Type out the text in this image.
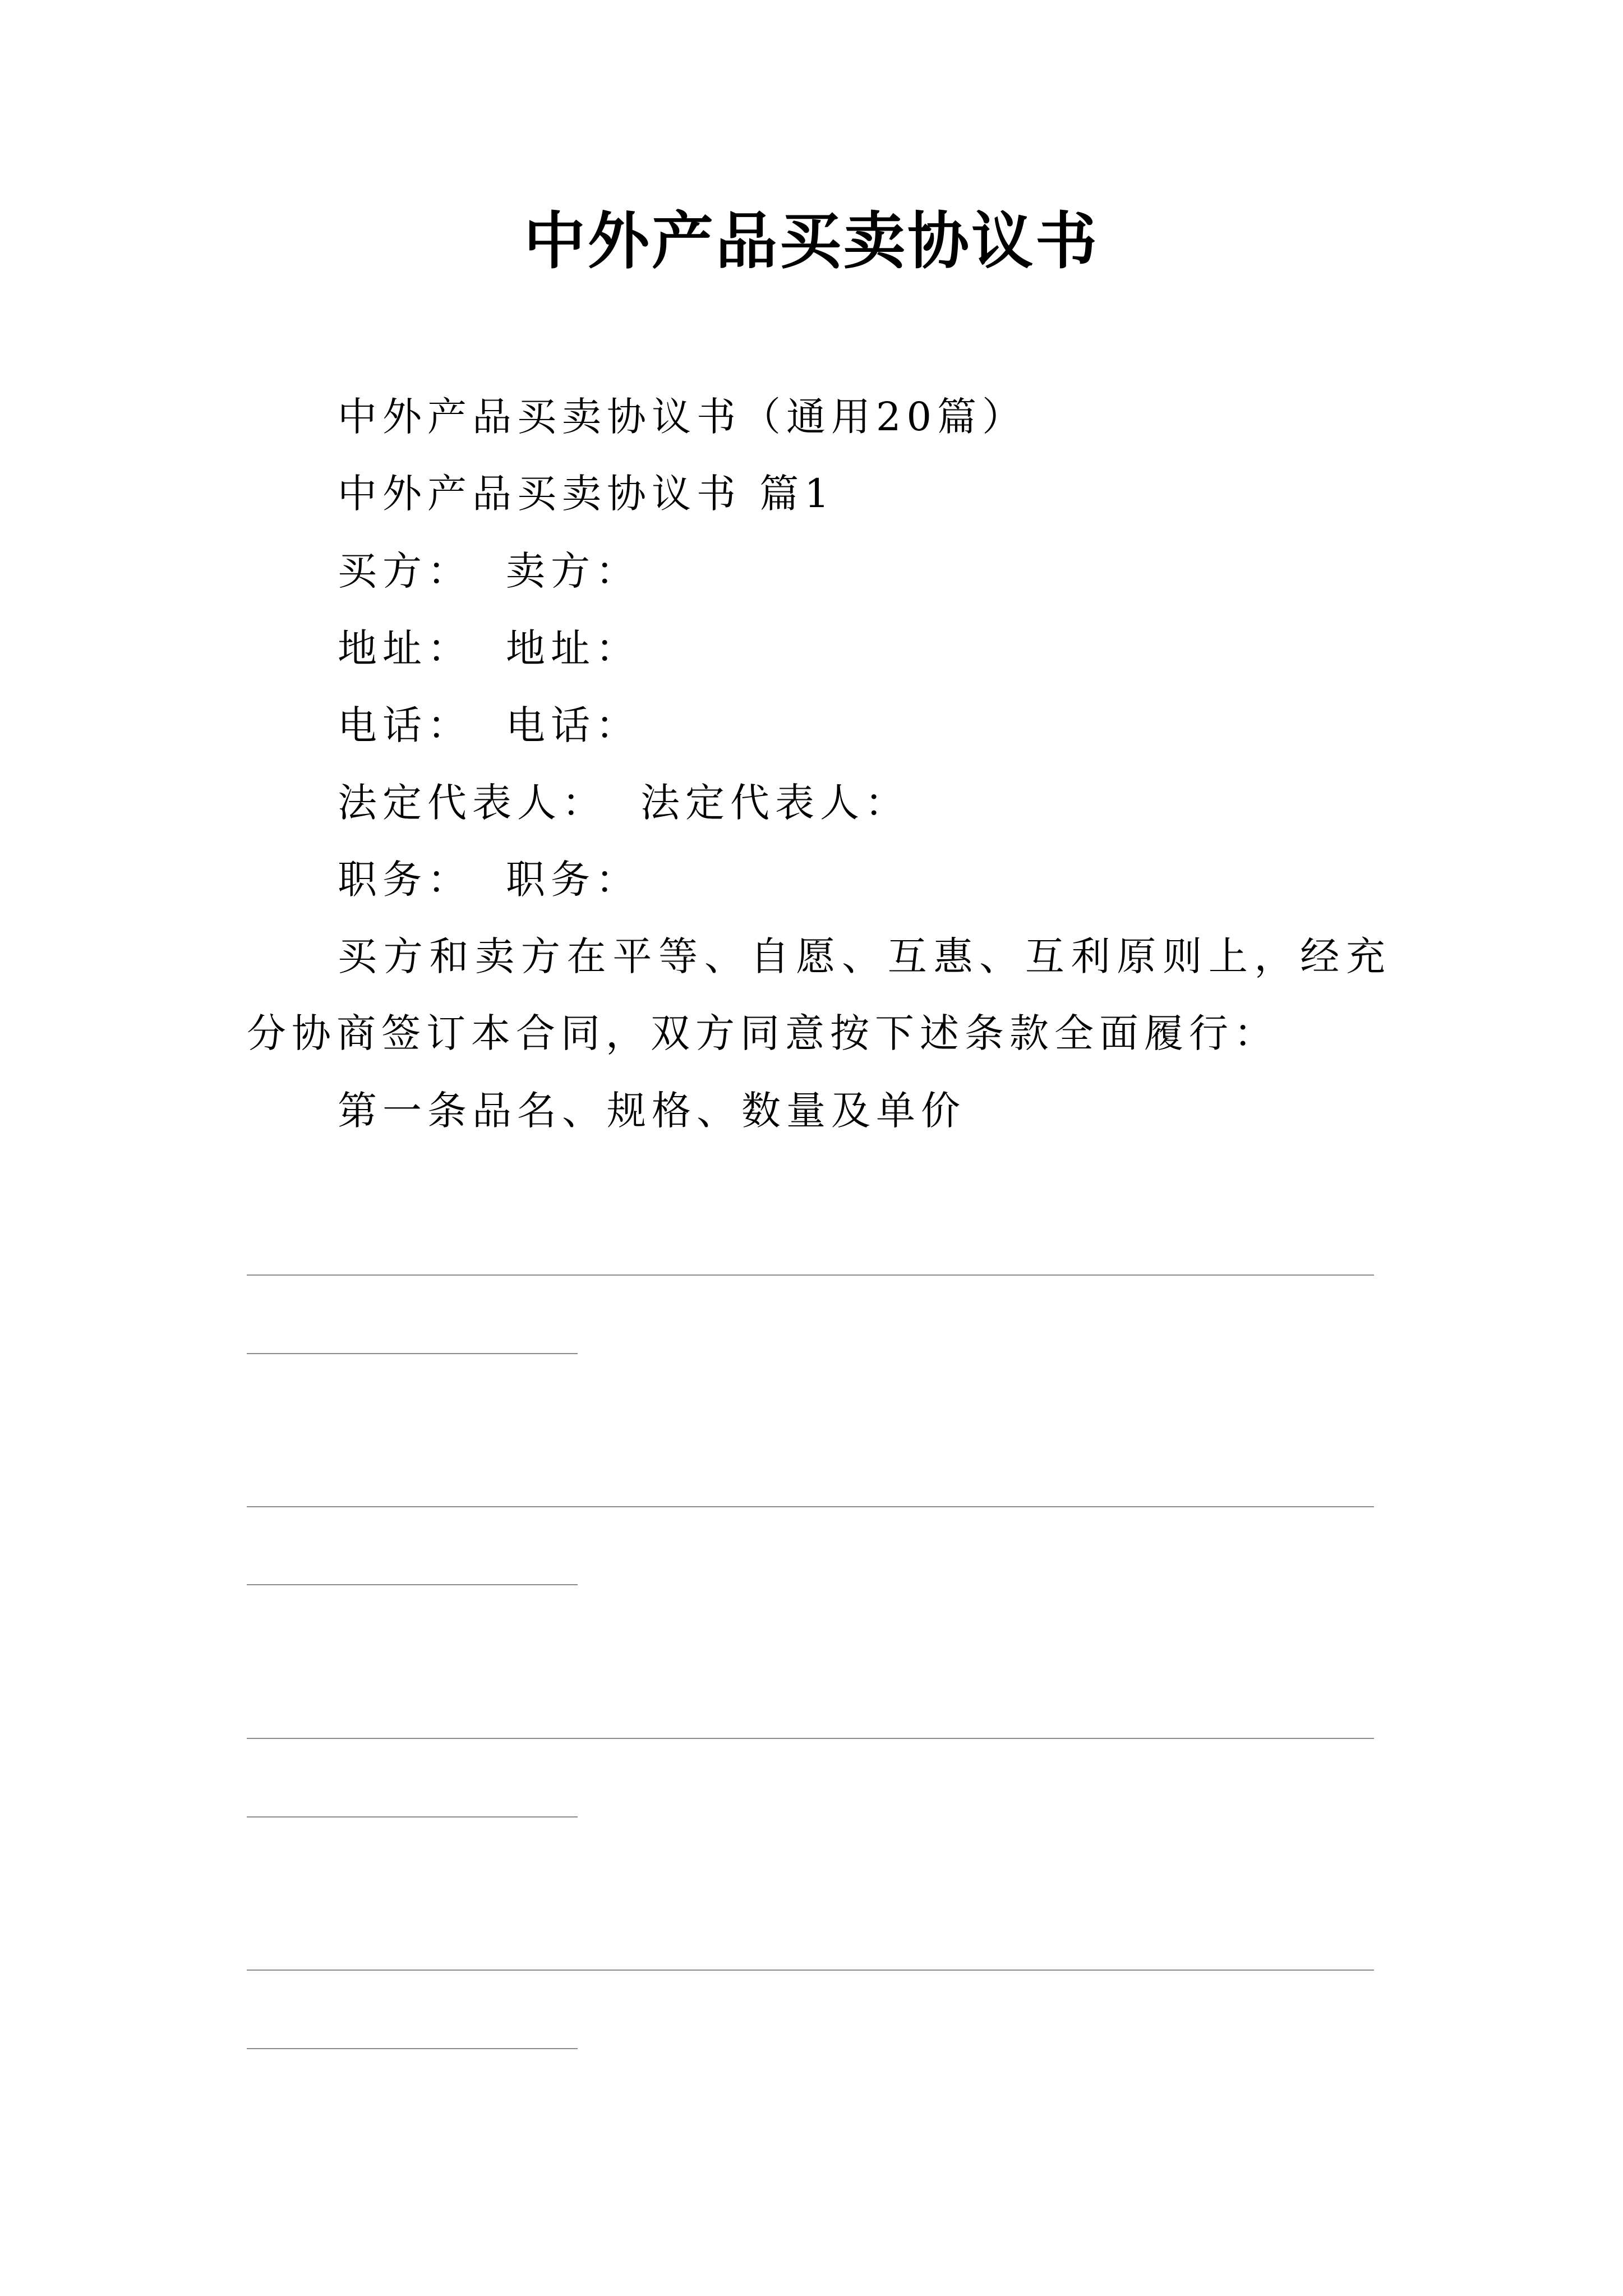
中外产品买卖协议书
中外产品买卖协议书（通用20篇）
中外产品买卖协议书 篇1
买方： 卖方：
地址： 地址：
电话： 电话：
法定代表人： 法定代表人：
职务： 职务：
买方和卖方在平等、自愿、互惠、互利原则上，经充分协商签订本合同，双方同意按下述条款全面履行：
第一条品名、规格、数量及单价
